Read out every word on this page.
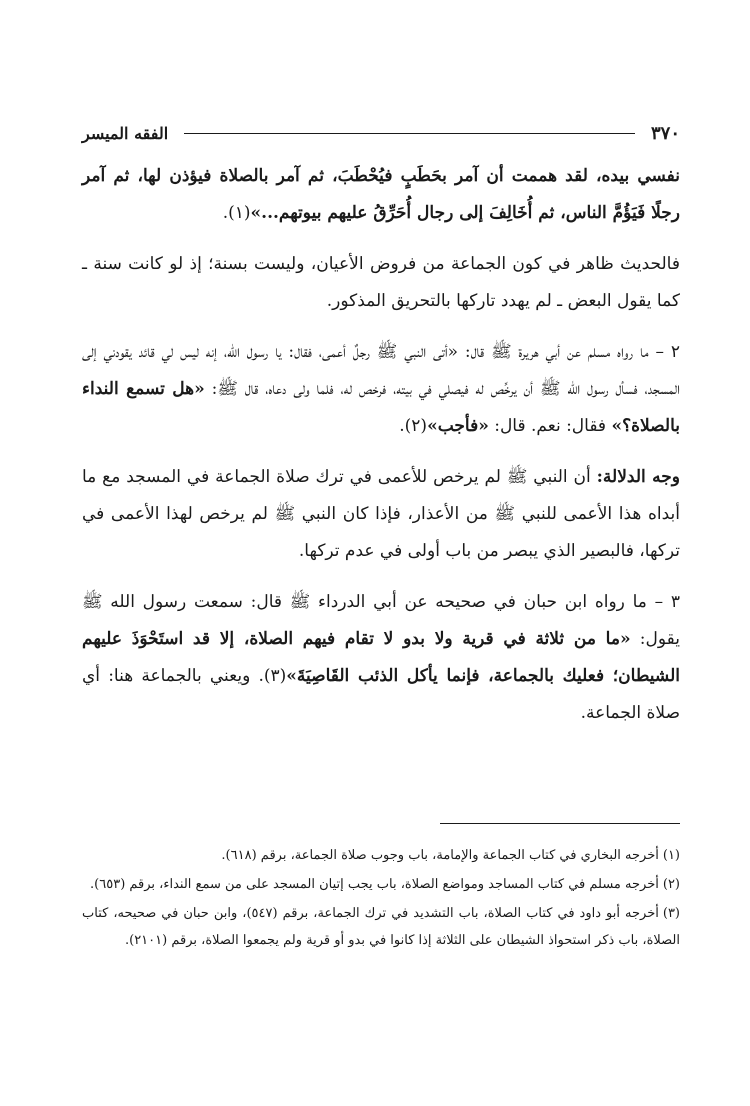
٣٧٠
الفقه الميسر

نفسي بيده، لقد هممت أن آمر بحَطَبٍ فيُحْطَبَ، ثم آمر بالصلاة فيؤذن لها، ثم آمر رجلًا فَيَؤُمَّ الناس، ثم أُخَالِفَ إلى رجال أُحَرِّقُ عليهم بيوتهم...»(١).

فالحديث ظاهر في كون الجماعة من فروض الأعيان، وليست بسنة؛ إذ لو كانت سنة ـ كما يقول البعض ـ لم يهدد تاركها بالتحريق المذكور.

٢ – ما رواه مسلم عن أبي هريرة ﷺ قال: «أتى النبي ﷺ رجلٌ أعمى، فقال: يا رسول الله، إنه ليس لي قائد يقودني إلى المسجد، فسأل رسول الله ﷺ أن يرخِّص له فيصلي في بيته، فرخص له، فلما ولى دعاه، قال ﷺ: «هل تسمع النداء بالصلاة؟» فقال: نعم. قال: «فأجب»(٢).

وجه الدلالة: أن النبي ﷺ لم يرخص للأعمى في ترك صلاة الجماعة في المسجد مع ما أبداه هذا الأعمى للنبي ﷺ من الأعذار، فإذا كان النبي ﷺ لم يرخص لهذا الأعمى في تركها، فالبصير الذي يبصر من باب أولى في عدم تركها.

٣ – ما رواه ابن حبان في صحيحه عن أبي الدرداء ﷺ قال: سمعت رسول الله ﷺ يقول: «ما من ثلاثة في قرية ولا بدو لا تقام فيهم الصلاة، إلا قد استَحْوَذَ عليهم الشيطان؛ فعليك بالجماعة، فإنما يأكل الذئب القَاصِيَةَ»(٣). ويعني بالجماعة هنا: أي صلاة الجماعة.

(١)أخرجه البخاري في كتاب الجماعة والإمامة، باب وجوب صلاة الجماعة، برقم (٦١٨).

(٢)أخرجه مسلم في كتاب المساجد ومواضع الصلاة، باب يجب إتيان المسجد على من سمع النداء، برقم (٦٥٣).

(٣)أخرجه أبو داود في كتاب الصلاة، باب التشديد في ترك الجماعة، برقم (٥٤٧)، وابن حبان في صحيحه، كتاب الصلاة، باب ذكر استحواذ الشيطان على الثلاثة إذا كانوا في بدو أو قرية ولم يجمعوا الصلاة، برقم (٢١٠١).
